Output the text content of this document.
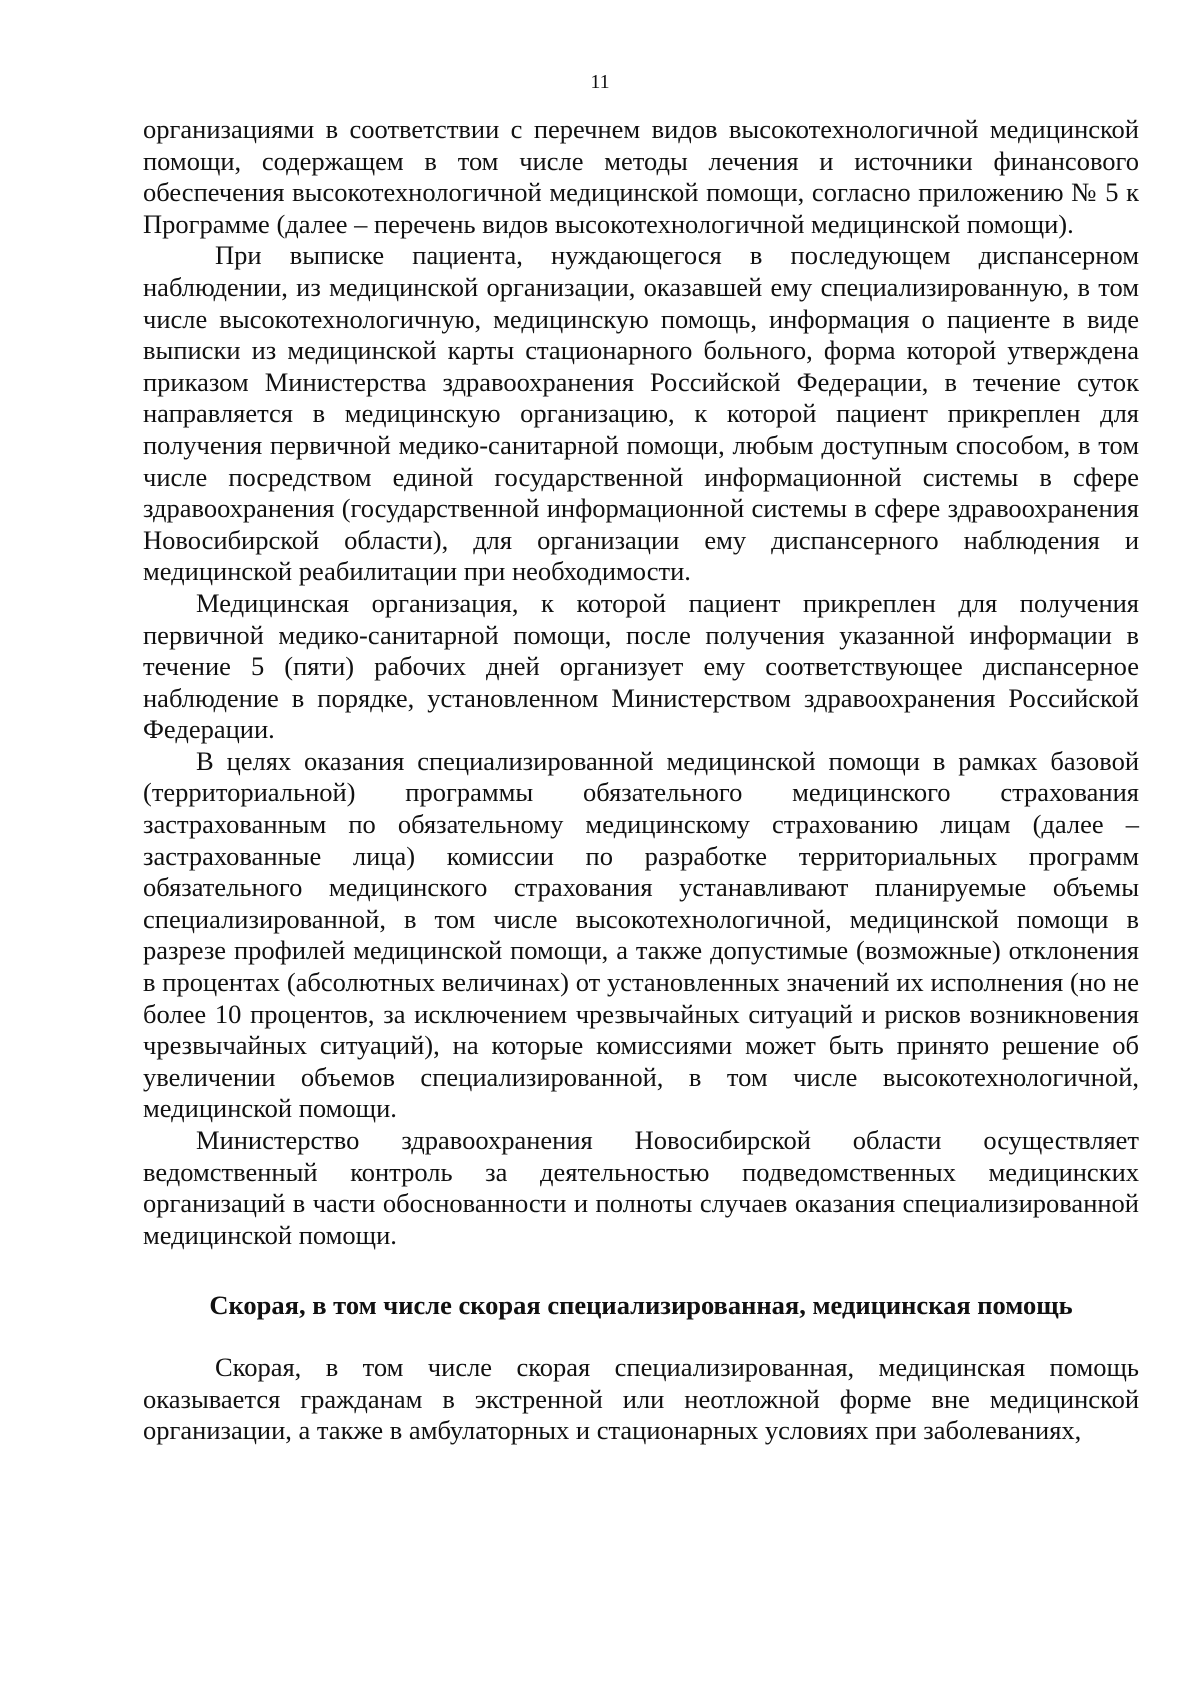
11

организациями в соответствии с перечнем видов высокотехнологичной медицинской помощи, содержащем в том числе методы лечения и источники финансового обеспечения высокотехнологичной медицинской помощи, согласно приложению № 5 к Программе (далее – перечень видов высокотехнологичной медицинской помощи).

При выписке пациента, нуждающегося в последующем диспансерном наблюдении, из медицинской организации, оказавшей ему специализированную, в том числе высокотехнологичную, медицинскую помощь, информация о пациенте в виде выписки из медицинской карты стационарного больного, форма которой утверждена приказом Министерства здравоохранения Российской Федерации, в течение суток направляется в медицинскую организацию, к которой пациент прикреплен для получения первичной медико-санитарной помощи, любым доступным способом, в том числе посредством единой государственной информационной системы в сфере здравоохранения (государственной информационной системы в сфере здравоохранения Новосибирской области), для организации ему диспансерного наблюдения и медицинской реабилитации при необходимости.

Медицинская организация, к которой пациент прикреплен для получения первичной медико-санитарной помощи, после получения указанной информации в течение 5 (пяти) рабочих дней организует ему соответствующее диспансерное наблюдение в порядке, установленном Министерством здравоохранения Российской Федерации.

В целях оказания специализированной медицинской помощи в рамках базовой (территориальной) программы обязательного медицинского страхования застрахованным по обязательному медицинскому страхованию лицам (далее – застрахованные лица) комиссии по разработке территориальных программ обязательного медицинского страхования устанавливают планируемые объемы специализированной, в том числе высокотехнологичной, медицинской помощи в разрезе профилей медицинской помощи, а также допустимые (возможные) отклонения в процентах (абсолютных величинах) от установленных значений их исполнения (но не более 10 процентов, за исключением чрезвычайных ситуаций и рисков возникновения чрезвычайных ситуаций), на которые комиссиями может быть принято решение об увеличении объемов специализированной, в том числе высокотехнологичной, медицинской помощи.

Министерство здравоохранения Новосибирской области осуществляет ведомственный контроль за деятельностью подведомственных медицинских организаций в части обоснованности и полноты случаев оказания специализированной медицинской помощи.

Скорая, в том числе скорая специализированная, медицинская помощь

Скорая, в том числе скорая специализированная, медицинская помощь оказывается гражданам в экстренной или неотложной форме вне медицинской организации, а также в амбулаторных и стационарных условиях при заболеваниях,
